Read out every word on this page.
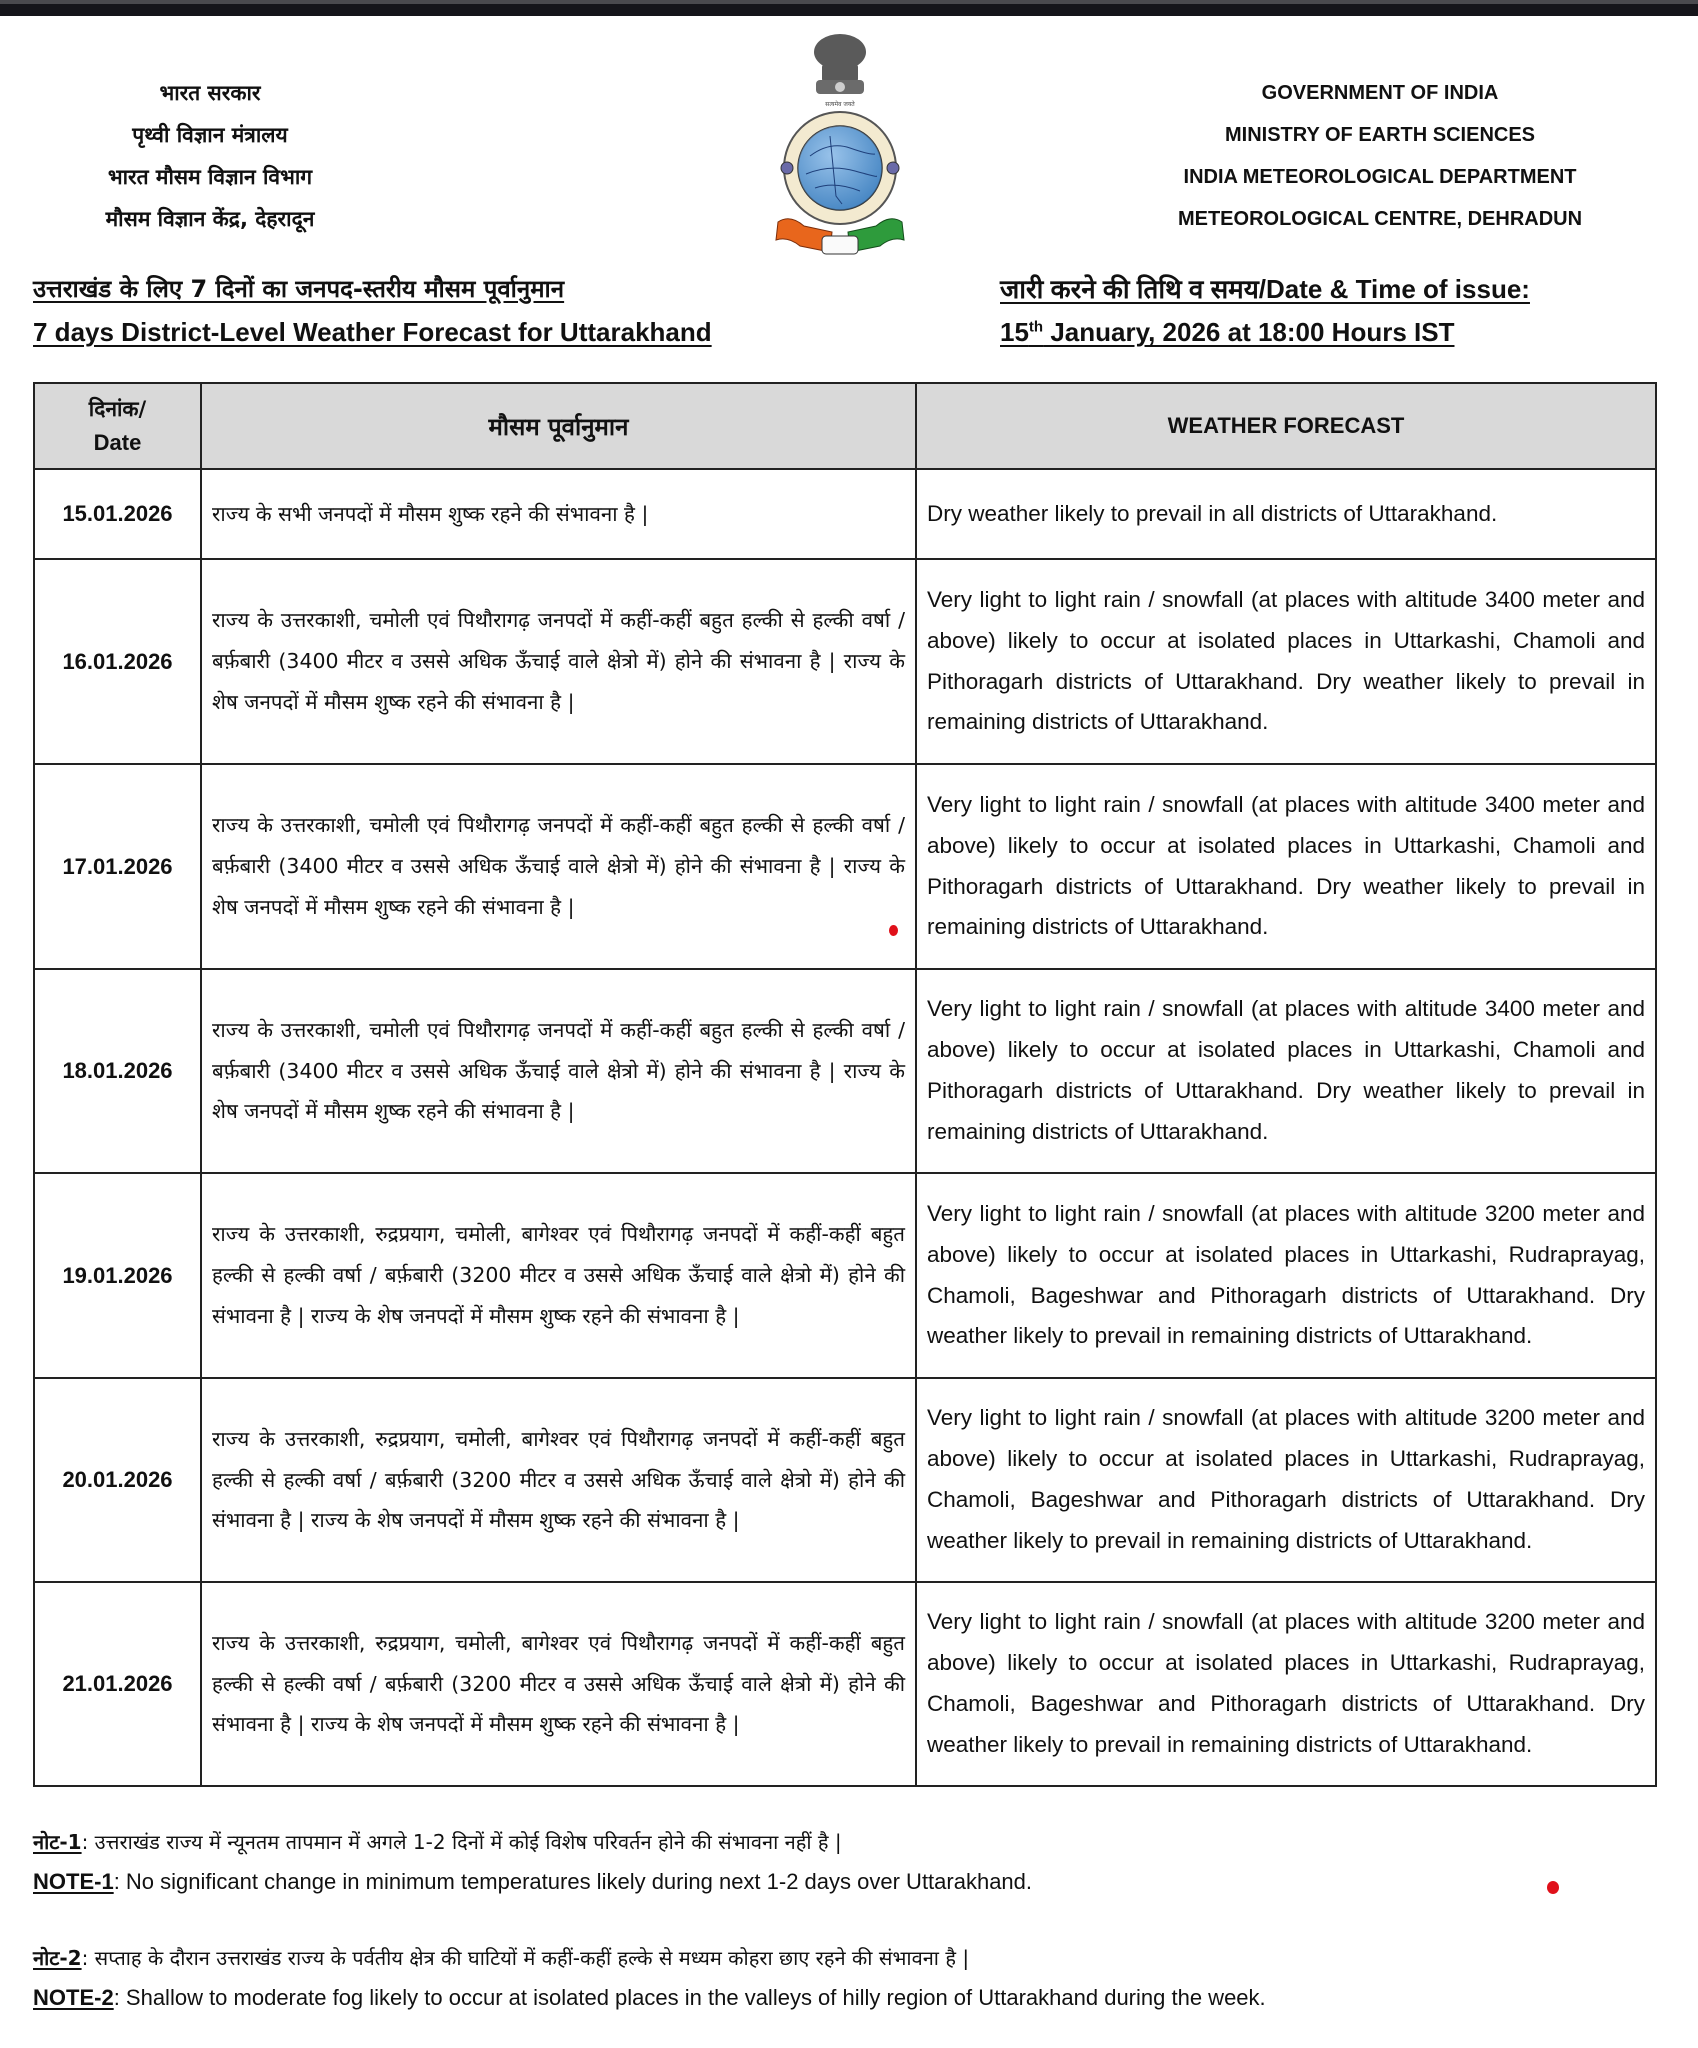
भारत सरकार
पृथ्वी विज्ञान मंत्रालय
भारत मौसम विज्ञान विभाग
मौसम विज्ञान केंद्र, देहरादून
सत्यमेव जयते
GOVERNMENT OF INDIA
MINISTRY OF EARTH SCIENCES
INDIA METEOROLOGICAL DEPARTMENT
METEOROLOGICAL CENTRE, DEHRADUN
उत्तराखंड के लिए 7 दिनों का जनपद-स्तरीय मौसम पूर्वानुमान
7 days District-Level Weather Forecast for Uttarakhand
जारी करने की तिथि व समय/Date & Time of issue:
15th January, 2026 at 18:00 Hours IST
दिनांक/
Date	मौसम पूर्वानुमान	WEATHER FORECAST
15.01.2026	राज्य के सभी जनपदों में मौसम शुष्क रहने की संभावना है |	Dry weather likely to prevail in all districts of Uttarakhand.
16.01.2026	राज्य के उत्तरकाशी, चमोली एवं पिथौरागढ़ जनपदों में कहीं-कहीं बहुत हल्की से हल्की वर्षा / बर्फ़बारी (3400 मीटर व उससे अधिक ऊँचाई वाले क्षेत्रो में) होने की संभावना है | राज्य के शेष जनपदों में मौसम शुष्क रहने की संभावना है |	Very light to light rain / snowfall (at places with altitude 3400 meter and above) likely to occur at isolated places in Uttarkashi, Chamoli and Pithoragarh districts of Uttarakhand. Dry weather likely to prevail in remaining districts of Uttarakhand.
17.01.2026	राज्य के उत्तरकाशी, चमोली एवं पिथौरागढ़ जनपदों में कहीं-कहीं बहुत हल्की से हल्की वर्षा / बर्फ़बारी (3400 मीटर व उससे अधिक ऊँचाई वाले क्षेत्रो में) होने की संभावना है | राज्य के शेष जनपदों में मौसम शुष्क रहने की संभावना है |	Very light to light rain / snowfall (at places with altitude 3400 meter and above) likely to occur at isolated places in Uttarkashi, Chamoli and Pithoragarh districts of Uttarakhand. Dry weather likely to prevail in remaining districts of Uttarakhand.
18.01.2026	राज्य के उत्तरकाशी, चमोली एवं पिथौरागढ़ जनपदों में कहीं-कहीं बहुत हल्की से हल्की वर्षा / बर्फ़बारी (3400 मीटर व उससे अधिक ऊँचाई वाले क्षेत्रो में) होने की संभावना है | राज्य के शेष जनपदों में मौसम शुष्क रहने की संभावना है |	Very light to light rain / snowfall (at places with altitude 3400 meter and above) likely to occur at isolated places in Uttarkashi, Chamoli and Pithoragarh districts of Uttarakhand. Dry weather likely to prevail in remaining districts of Uttarakhand.
19.01.2026	राज्य के उत्तरकाशी, रुद्रप्रयाग, चमोली, बागेश्वर एवं पिथौरागढ़ जनपदों में कहीं-कहीं बहुत हल्की से हल्की वर्षा / बर्फ़बारी (3200 मीटर व उससे अधिक ऊँचाई वाले क्षेत्रो में) होने की संभावना है | राज्य के शेष जनपदों में मौसम शुष्क रहने की संभावना है |	Very light to light rain / snowfall (at places with altitude 3200 meter and above) likely to occur at isolated places in Uttarkashi, Rudraprayag, Chamoli, Bageshwar and Pithoragarh districts of Uttarakhand. Dry weather likely to prevail in remaining districts of Uttarakhand.
20.01.2026	राज्य के उत्तरकाशी, रुद्रप्रयाग, चमोली, बागेश्वर एवं पिथौरागढ़ जनपदों में कहीं-कहीं बहुत हल्की से हल्की वर्षा / बर्फ़बारी (3200 मीटर व उससे अधिक ऊँचाई वाले क्षेत्रो में) होने की संभावना है | राज्य के शेष जनपदों में मौसम शुष्क रहने की संभावना है |	Very light to light rain / snowfall (at places with altitude 3200 meter and above) likely to occur at isolated places in Uttarkashi, Rudraprayag, Chamoli, Bageshwar and Pithoragarh districts of Uttarakhand. Dry weather likely to prevail in remaining districts of Uttarakhand.
21.01.2026	राज्य के उत्तरकाशी, रुद्रप्रयाग, चमोली, बागेश्वर एवं पिथौरागढ़ जनपदों में कहीं-कहीं बहुत हल्की से हल्की वर्षा / बर्फ़बारी (3200 मीटर व उससे अधिक ऊँचाई वाले क्षेत्रो में) होने की संभावना है | राज्य के शेष जनपदों में मौसम शुष्क रहने की संभावना है |	Very light to light rain / snowfall (at places with altitude 3200 meter and above) likely to occur at isolated places in Uttarkashi, Rudraprayag, Chamoli, Bageshwar and Pithoragarh districts of Uttarakhand. Dry weather likely to prevail in remaining districts of Uttarakhand.
नोट-1: उत्तराखंड राज्य में न्यूनतम तापमान में अगले 1-2 दिनों में कोई विशेष परिवर्तन होने की संभावना नहीं है |
NOTE-1: No significant change in minimum temperatures likely during next 1-2 days over Uttarakhand.
नोट-2: सप्ताह के दौरान उत्तराखंड राज्य के पर्वतीय क्षेत्र की घाटियों में कहीं-कहीं हल्के से मध्यम कोहरा छाए रहने की संभावना है |
NOTE-2: Shallow to moderate fog likely to occur at isolated places in the valleys of hilly region of Uttarakhand during the week.
